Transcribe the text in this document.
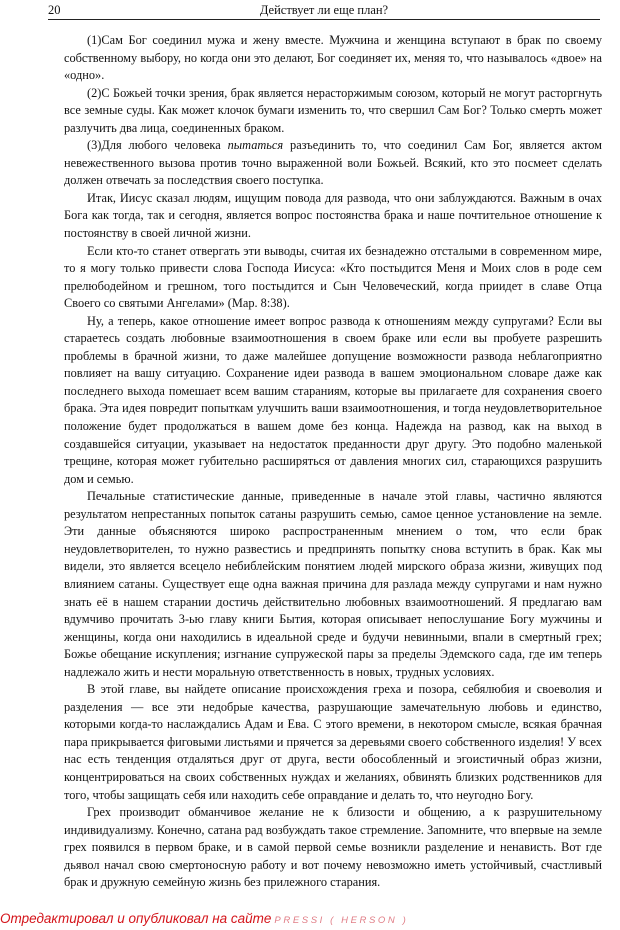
20	Действует ли еще план?

(1)Сам Бог соединил мужа и жену вместе. Мужчина и женщина вступают в брак по своему собственному выбору, но когда они это делают, Бог соединяет их, меняя то, что называлось «двое» на «одно».

(2)С Божьей точки зрения, брак является нерасторжимым союзом, который не могут расторгнуть все земные суды. Как может клочок бумаги изменить то, что свершил Сам Бог? Только смерть может разлучить два лица, соединенных браком.

(3)Для любого человека пытаться разъединить то, что соединил Сам Бог, является актом невежественного вызова против точно выраженной воли Божьей. Всякий, кто это посмеет сделать должен отвечать за последствия своего поступка.

Итак, Иисус сказал людям, ищущим повода для развода, что они заблуждаются. Важным в очах Бога как тогда, так и сегодня, является вопрос постоянства брака и наше почтительное отношение к постоянству в своей личной жизни.

Если кто-то станет отвергать эти выводы, считая их безнадежно отсталыми в современном мире, то я могу только привести слова Господа Иисуса: «Кто постыдится Меня и Моих слов в роде сем прелюбодейном и грешном, того постыдится и Сын Человеческий, когда приидет в славе Отца Своего со святыми Ангелами» (Мар. 8:38).

Ну, а теперь, какое отношение имеет вопрос развода к отношениям между супругами? Если вы стараетесь создать любовные взаимоотношения в своем браке или если вы пробуете разрешить проблемы в брачной жизни, то даже малейшее допущение возможности развода неблагоприятно повлияет на вашу ситуацию. Сохранение идеи развода в вашем эмоциональном словаре даже как последнего выхода помешает всем вашим стараниям, которые вы прилагаете для сохранения своего брака. Эта идея повредит попыткам улучшить ваши взаимоотношения, и тогда неудовлетворительное положение будет продолжаться в вашем доме без конца. Надежда на развод, как на выход в создавшейся ситуации, указывает на недостаток преданности друг другу. Это подобно маленькой трещине, которая может губительно расширяться от давления многих сил, старающихся разрушить дом и семью.

Печальные статистические данные, приведенные в начале этой главы, частично являются результатом непрестанных попыток сатаны разрушить семью, самое ценное установление на земле. Эти данные объясняются широко распространенным мнением о том, что если брак неудовлетворителен, то нужно развестись и предпринять попытку снова вступить в брак. Как мы видели, это является всецело небиблейским понятием людей мирского образа жизни, живущих под влиянием сатаны. Существует еще одна важная причина для разлада между супругами и нам нужно знать её в нашем старании достичь действительно любовных взаимоотношений. Я предлагаю вам вдумчиво прочитать 3-ью главу книги Бытия, которая описывает непослушание Богу мужчины и женщины, когда они находились в идеальной среде и будучи невинными, впали в смертный грех; Божье обещание искупления; изгнание супружеской пары за пределы Эдемского сада, где им теперь надлежало жить и нести моральную ответственность в новых, трудных условиях.

В этой главе, вы найдете описание происхождения греха и позора, себялюбия и своеволия и разделения — все эти недобрые качества, разрушающие замечательную любовь и единство, которыми когда-то наслаждались Адам и Ева. С этого времени, в некотором смысле, всякая брачная пара прикрывается фиговыми листьями и прячется за деревьями своего собственного изделия! У всех нас есть тенденция отдаляться друг от друга, вести обособленный и эгоистичный образ жизни, концентрироваться на своих собственных нуждах и желаниях, обвинять близких родственников для того, чтобы защищать себя или находить себе оправдание и делать то, что неугодно Богу.

Грех производит обманчивое желание не к близости и общению, а к разрушительному индивидуализму. Конечно, сатана рад возбуждать такое стремление. Запомните, что впервые на земле грех появился в первом браке, и в самой первой семье возникли разделение и ненависть. Вот где дьявол начал свою смертоносную работу и вот почему невозможно иметь устойчивый, счастливый брак и дружную семейную жизнь без прилежного старания.

Отредактировал и опубликовал на сайте PRESSI ( HERSON )
